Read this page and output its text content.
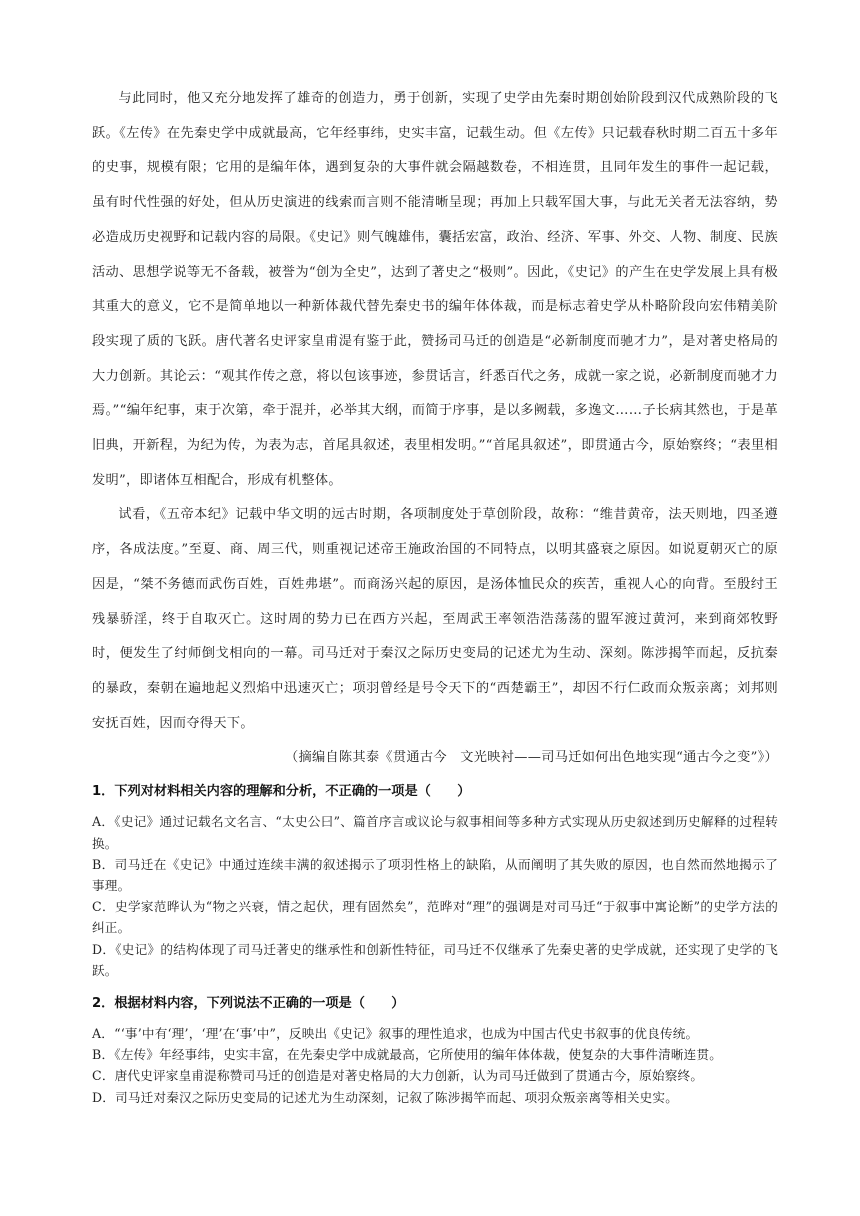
与此同时，他又充分地发挥了雄奇的创造力，勇于创新，实现了史学由先秦时期创始阶段到汉代成熟阶段的飞跃。《左传》在先秦史学中成就最高，它年经事纬，史实丰富，记载生动。但《左传》只记载春秋时期二百五十多年的史事，规模有限；它用的是编年体，遇到复杂的大事件就会隔越数卷，不相连贯，且同年发生的事件一起记载，虽有时代性强的好处，但从历史演进的线索而言则不能清晰呈现；再加上只载军国大事，与此无关者无法容纳，势必造成历史视野和记载内容的局限。《史记》则气魄雄伟，囊括宏富，政治、经济、军事、外交、人物、制度、民族活动、思想学说等无不备载，被誉为“创为全史”，达到了著史之“极则”。因此，《史记》的产生在史学发展上具有极其重大的意义，它不是简单地以一种新体裁代替先秦史书的编年体体裁，而是标志着史学从朴略阶段向宏伟精美阶段实现了质的飞跃。唐代著名史评家皇甫湜有鉴于此，赞扬司马迁的创造是“必新制度而驰才力”，是对著史格局的大力创新。其论云：“观其作传之意，将以包该事迹，参贯话言，纤悉百代之务，成就一家之说，必新制度而驰才力焉。”“编年纪事，束于次第，牵于混并，必举其大纲，而简于序事，是以多阙载，多逸文……子长病其然也，于是革旧典，开新程，为纪为传，为表为志，首尾具叙述，表里相发明。”“首尾具叙述”，即贯通古今，原始察终；“表里相发明”，即诸体互相配合，形成有机整体。

试看，《五帝本纪》记载中华文明的远古时期，各项制度处于草创阶段，故称：“维昔黄帝，法天则地，四圣遵序，各成法度。”至夏、商、周三代，则重视记述帝王施政治国的不同特点，以明其盛衰之原因。如说夏朝灭亡的原因是，“桀不务德而武伤百姓，百姓弗堪”。而商汤兴起的原因，是汤体恤民众的疾苦，重视人心的向背。至殷纣王残暴骄淫，终于自取灭亡。这时周的势力已在西方兴起，至周武王率领浩浩荡荡的盟军渡过黄河，来到商郊牧野时，便发生了纣师倒戈相向的一幕。司马迁对于秦汉之际历史变局的记述尤为生动、深刻。陈涉揭竿而起，反抗秦的暴政，秦朝在遍地起义烈焰中迅速灭亡；项羽曾经是号令天下的“西楚霸王”，却因不行仁政而众叛亲离；刘邦则安抚百姓，因而夺得天下。

（摘编自陈其泰《贯通古今　文光映衬——司马迁如何出色地实现“通古今之变”》）

1．下列对材料相关内容的理解和分析，不正确的一项是（　　）

A．《史记》通过记载名文名言、“太史公曰”、篇首序言或议论与叙事相间等多种方式实现从历史叙述到历史解释的过程转换。
B．司马迁在《史记》中通过连续丰满的叙述揭示了项羽性格上的缺陷，从而阐明了其失败的原因，也自然而然地揭示了事理。
C．史学家范晔认为“物之兴衰，情之起伏，理有固然矣”，范晔对“理”的强调是对司马迁“于叙事中寓论断”的史学方法的纠正。
D．《史记》的结构体现了司马迁著史的继承性和创新性特征，司马迁不仅继承了先秦史著的史学成就，还实现了史学的飞跃。

2．根据材料内容，下列说法不正确的一项是（　　）

A．“‘事’中有‘理’，‘理’在‘事’中”，反映出《史记》叙事的理性追求，也成为中国古代史书叙事的优良传统。
B．《左传》年经事纬，史实丰富，在先秦史学中成就最高，它所使用的编年体体裁，使复杂的大事件清晰连贯。
C．唐代史评家皇甫湜称赞司马迁的创造是对著史格局的大力创新，认为司马迁做到了贯通古今，原始察终。
D．司马迁对秦汉之际历史变局的记述尤为生动深刻，记叙了陈涉揭竿而起、项羽众叛亲离等相关史实。
